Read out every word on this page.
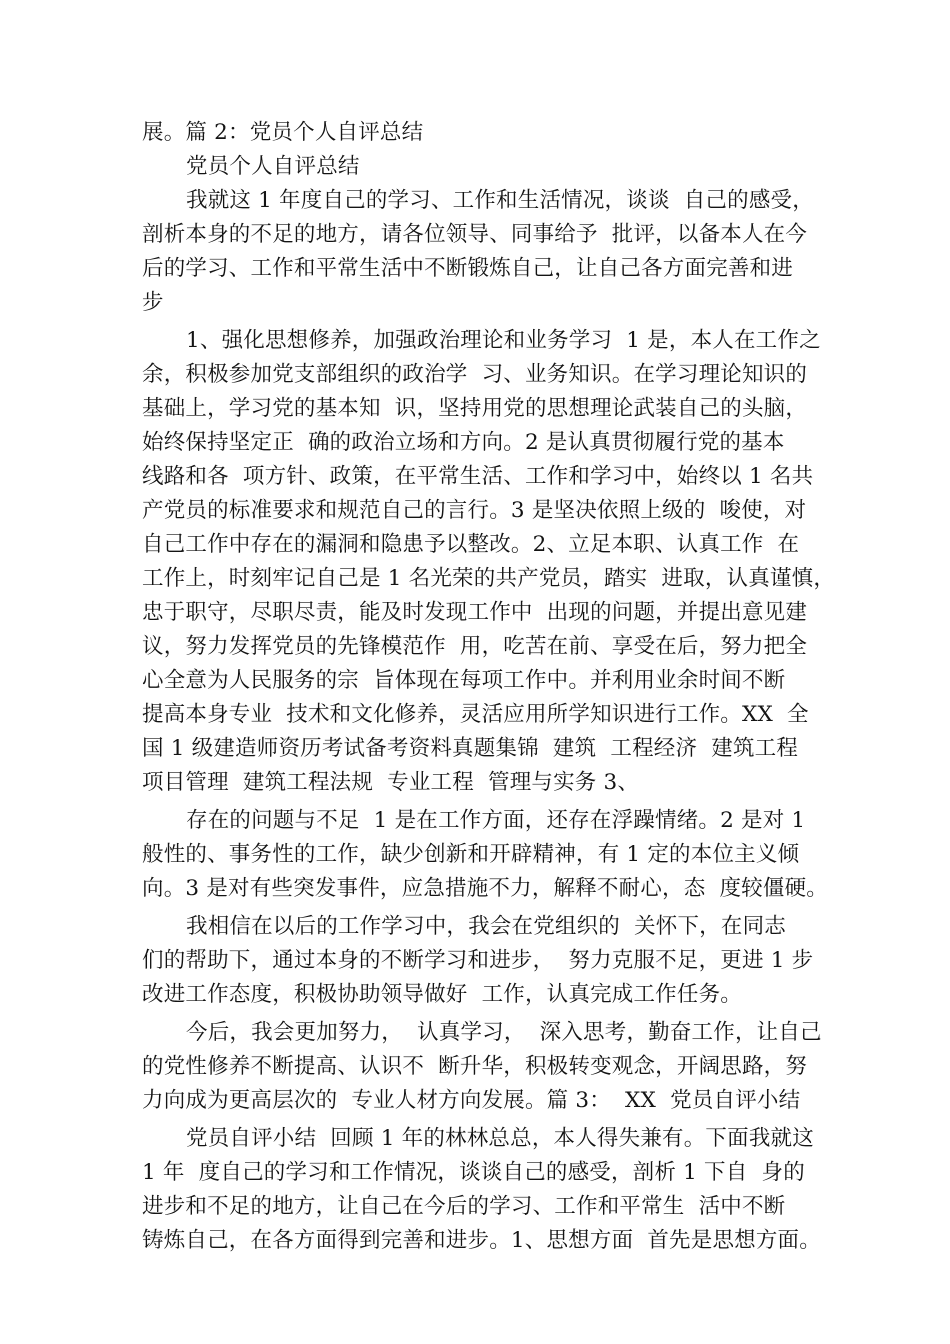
展。篇 2：党员个人自评总结
党员个人自评总结
我就这 1 年度自己的学习、工作和生活情况，谈谈  自己的感受，
剖析本身的不足的地方，请各位领导、同事给予  批评，以备本人在今
后的学习、工作和平常生活中不断锻炼自己，让自己各方面完善和进
步
1、强化思想修养，加强政治理论和业务学习  1 是，本人在工作之
余，积极参加党支部组织的政治学  习、业务知识。在学习理论知识的
基础上，学习党的基本知  识，坚持用党的思想理论武装自己的头脑，
始终保持坚定正  确的政治立场和方向。2 是认真贯彻履行党的基本
线路和各  项方针、政策，在平常生活、工作和学习中，始终以 1 名共
产党员的标准要求和规范自己的言行。3 是坚决依照上级的  唆使，对
自己工作中存在的漏洞和隐患予以整改。2、立足本职、认真工作  在
工作上，时刻牢记自己是 1 名光荣的共产党员，踏实  进取，认真谨慎，
忠于职守，尽职尽责，能及时发现工作中  出现的问题，并提出意见建
议，努力发挥党员的先锋模范作  用，吃苦在前、享受在后，努力把全
心全意为人民服务的宗  旨体现在每项工作中。并利用业余时间不断
提高本身专业  技术和文化修养，灵活应用所学知识进行工作。XX  全
国 1 级建造师资历考试备考资料真题集锦  建筑  工程经济  建筑工程
项目管理  建筑工程法规  专业工程  管理与实务 3、
存在的问题与不足  1 是在工作方面，还存在浮躁情绪。2 是对 1
般性的、事务性的工作，缺少创新和开辟精神，有 1 定的本位主义倾
向。3 是对有些突发事件，应急措施不力，解释不耐心，态  度较僵硬。
我相信在以后的工作学习中，我会在党组织的  关怀下，在同志
们的帮助下，通过本身的不断学习和进步，  努力克服不足，更进 1 步
改进工作态度，积极协助领导做好  工作，认真完成工作任务。
今后，我会更加努力，  认真学习，  深入思考，勤奋工作，让自己
的党性修养不断提高、认识不  断升华，积极转变观念，开阔思路，努
力向成为更高层次的  专业人材方向发展。篇 3：  XX  党员自评小结
党员自评小结  回顾 1 年的林林总总，本人得失兼有。下面我就这
1 年  度自己的学习和工作情况，谈谈自己的感受，剖析 1 下自  身的
进步和不足的地方，让自己在今后的学习、工作和平常生  活中不断
铸炼自己，在各方面得到完善和进步。1、思想方面  首先是思想方面。
